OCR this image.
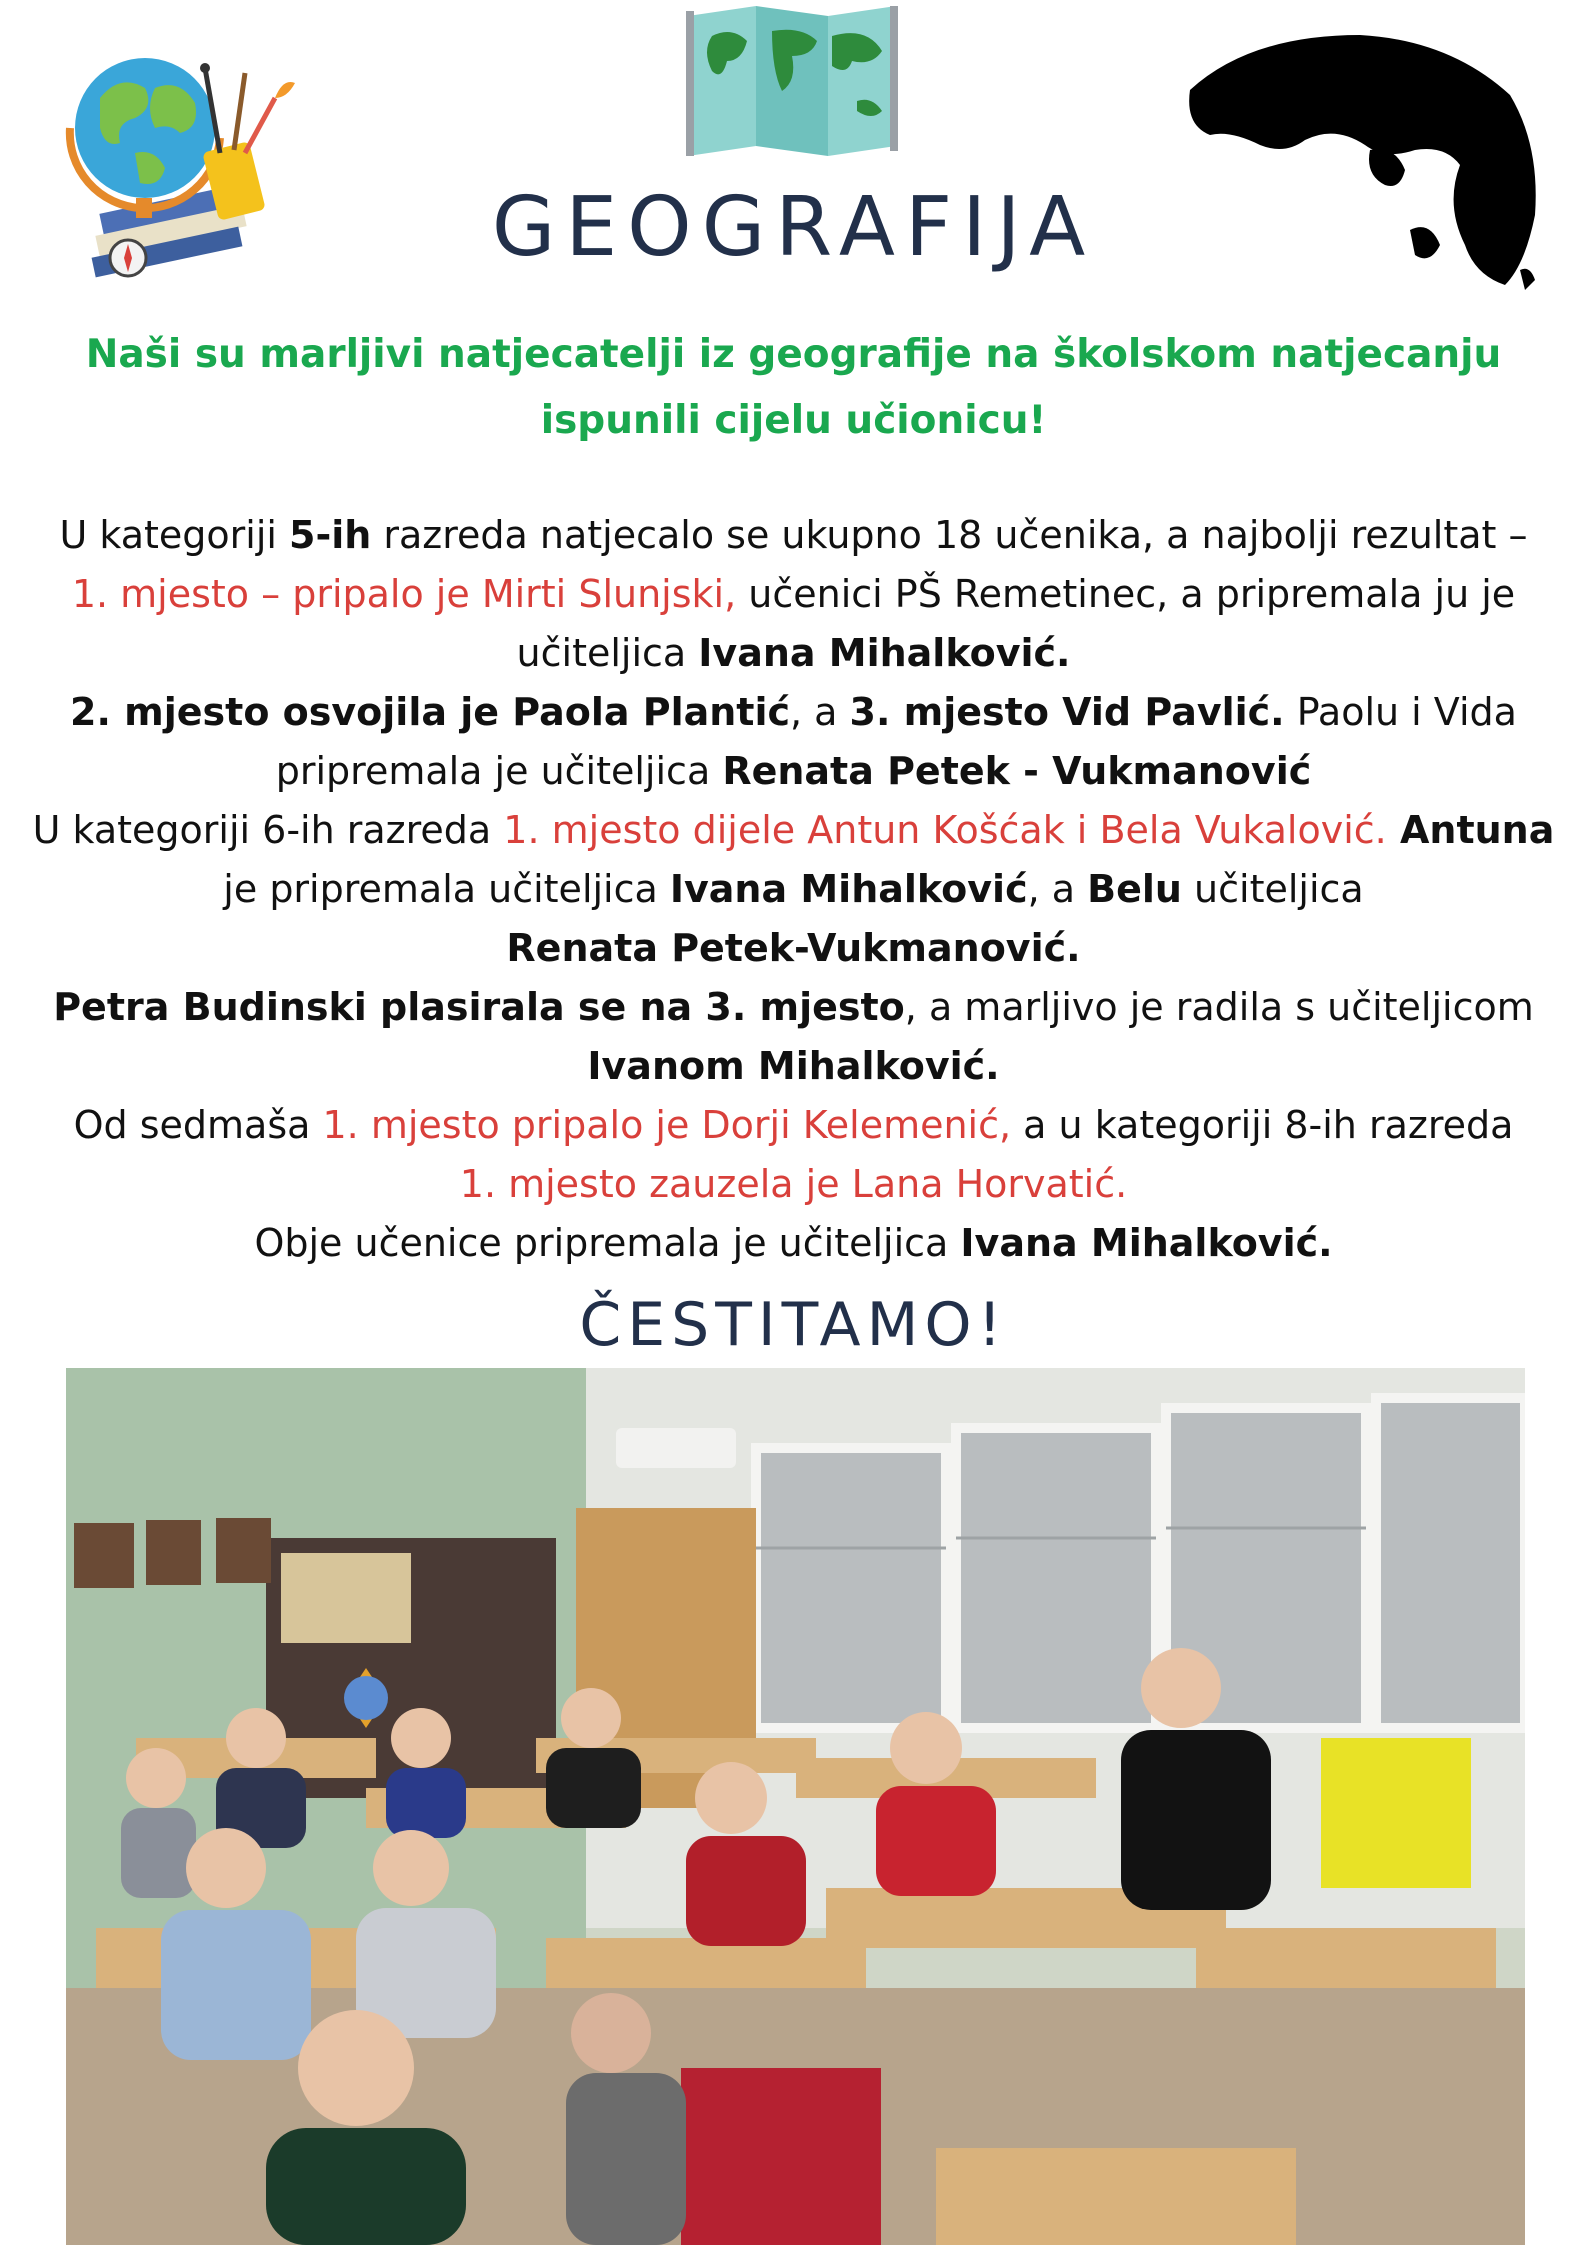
GEOGRAFIJA
Naši su marljivi natjecatelji iz geografije na školskom natjecanju
ispunili cijelu učionicu!
U kategoriji 5-ih razreda natjecalo se ukupno 18 učenika, a najbolji rezultat –
1. mjesto – pripalo je Mirti Slunjski, učenici PŠ Remetinec, a pripremala ju je
učiteljica Ivana Mihalković.
2. mjesto osvojila je Paola Plantić, a 3. mjesto Vid Pavlić. Paolu i Vida
pripremala je učiteljica Renata Petek - Vukmanović
U kategoriji 6-ih razreda 1. mjesto dijele Antun Košćak i Bela Vukalović. Antuna
je pripremala učiteljica Ivana Mihalković, a Belu učiteljica
Renata Petek-Vukmanović.
Petra Budinski plasirala se na 3. mjesto, a marljivo je radila s učiteljicom
Ivanom Mihalković.
Od sedmaša 1. mjesto pripalo je Dorji Kelemenić, a u kategoriji 8-ih razreda
1. mjesto zauzela je Lana Horvatić.
Obje učenice pripremala je učiteljica Ivana Mihalković.
ČESTITAMO!
